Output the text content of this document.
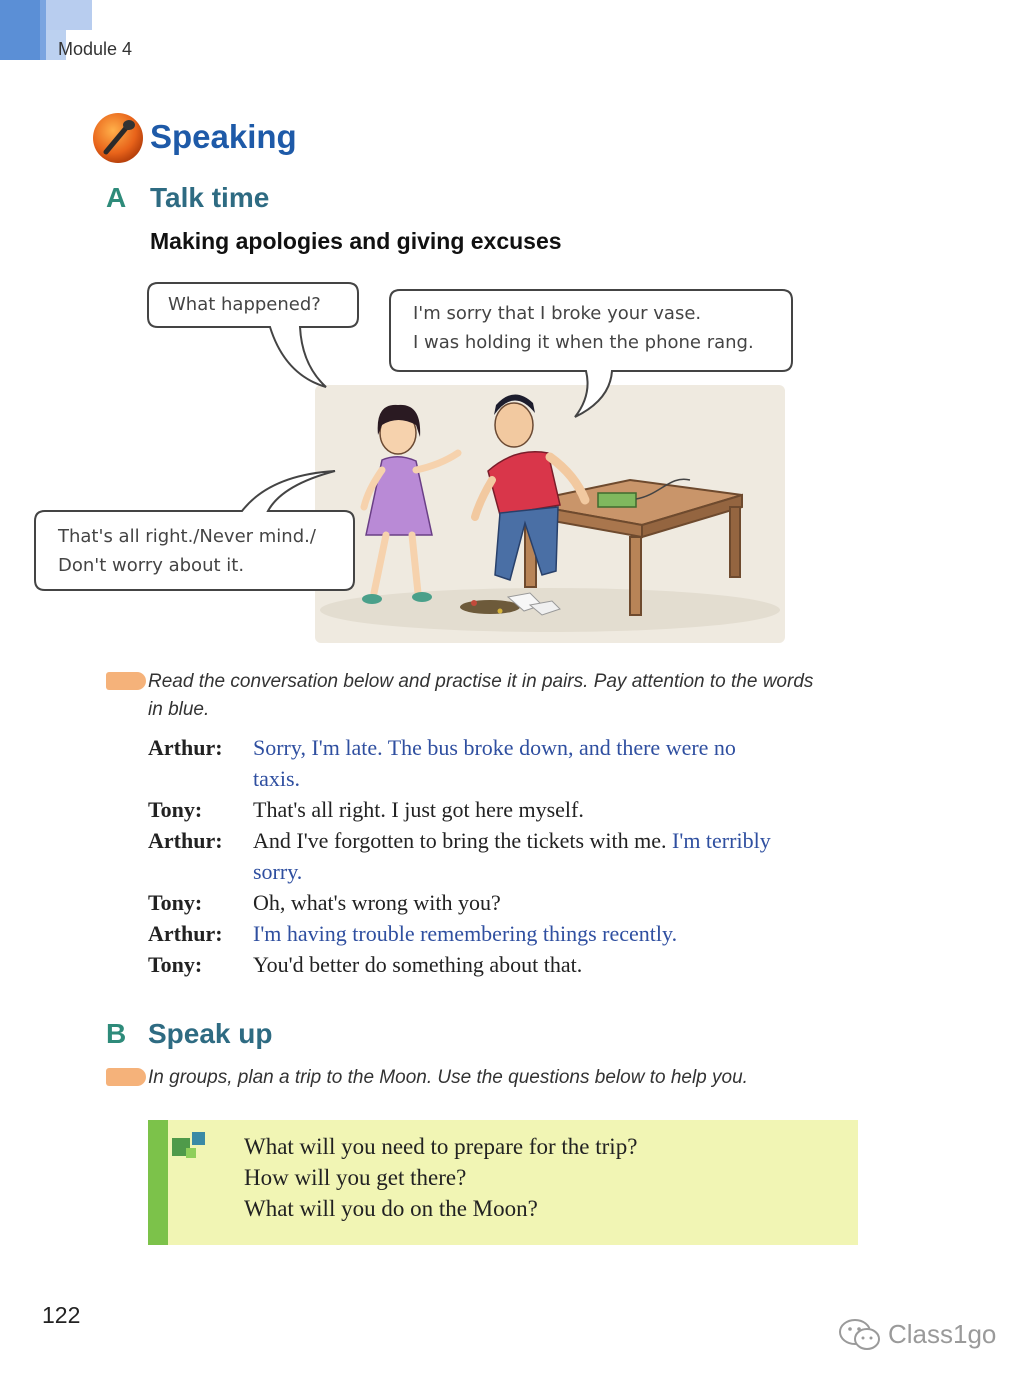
Module 4
Speaking
A Talk time
Making apologies and giving excuses
What happened?	I'm sorry that I broke your vase.
I was holding it when the phone rang.
That's all right./Never mind./
Don't worry about it.
Read the conversation below and practise it in pairs. Pay attention to the words
in blue.
Arthur: Sorry, I'm late. The bus broke down, and there were no
taxis.
Tony: That's all right. I just got here myself.
Arthur: And I've forgotten to bring the tickets with me. I'm terribly
sorry.
Tony: Oh, what's wrong with you?
Arthur: I'm having trouble remembering things recently.
Tony: You'd better do something about that.
B Speak up
In groups, plan a trip to the Moon. Use the questions below to help you.
What will you need to prepare for the trip?
How will you get there?
What will you do on the Moon?
122
Class1go
